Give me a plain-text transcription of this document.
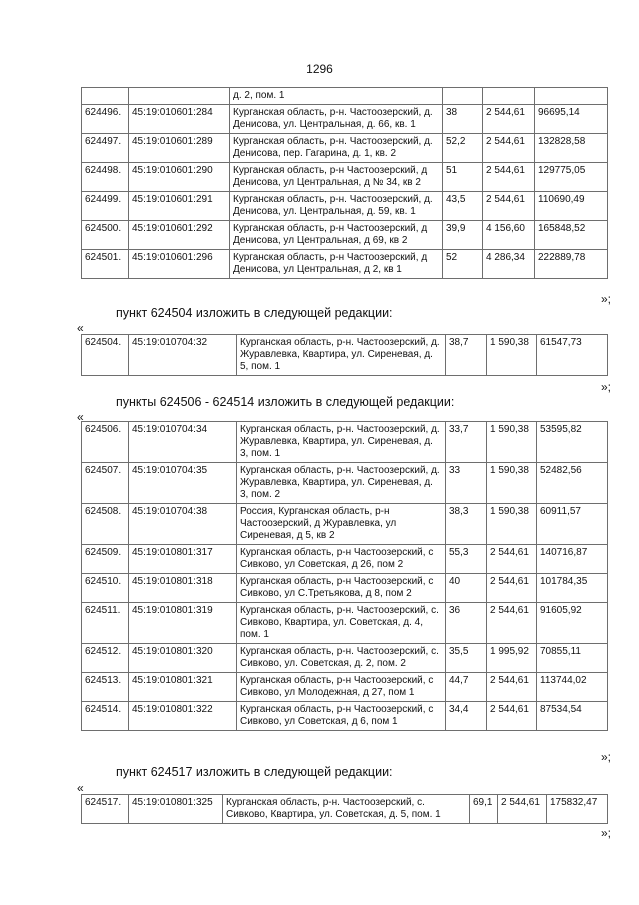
1296
		д. 2, пом. 1			
624496.	45:19:010601:284	Курганская область, р-н. Частоозерский, д. Денисова, ул. Центральная, д. 66, кв. 1	38	2 544,61	96695,14
624497.	45:19:010601:289	Курганская область, р-н. Частоозерский, д. Денисова, пер. Гагарина, д. 1, кв. 2	52,2	2 544,61	132828,58
624498.	45:19:010601:290	Курганская область, р-н Частоозерский, д Денисова, ул Центральная, д № 34, кв 2	51	2 544,61	129775,05
624499.	45:19:010601:291	Курганская область, р-н. Частоозерский, д. Денисова, ул. Центральная, д. 59, кв. 1	43,5	2 544,61	110690,49
624500.	45:19:010601:292	Курганская область, р-н Частоозерский, д Денисова, ул Центральная, д 69, кв 2	39,9	4 156,60	165848,52
624501.	45:19:010601:296	Курганская область, р-н Частоозерский, д Денисова, ул Центральная, д 2, кв 1	52	4 286,34	222889,78
»;
пункт 624504 изложить в следующей редакции:
«
624504.	45:19:010704:32	Курганская область, р-н. Частоозерский, д. Журавлевка, Квартира, ул. Сиреневая, д. 5, пом. 1	38,7	1 590,38	61547,73
»;
пункты 624506 - 624514 изложить в следующей редакции:
«
624506.	45:19:010704:34	Курганская область, р-н. Частоозерский, д. Журавлевка, Квартира, ул. Сиреневая, д. 3, пом. 1	33,7	1 590,38	53595,82
624507.	45:19:010704:35	Курганская область, р-н. Частоозерский, д. Журавлевка, Квартира, ул. Сиреневая, д. 3, пом. 2	33	1 590,38	52482,56
624508.	45:19:010704:38	Россия, Курганская область, р-н Частоозерский, д Журавлевка, ул Сиреневая, д 5, кв 2	38,3	1 590,38	60911,57
624509.	45:19:010801:317	Курганская область, р-н Частоозерский, с Сивково, ул Советская, д 26, пом 2	55,3	2 544,61	140716,87
624510.	45:19:010801:318	Курганская область, р-н Частоозерский, с Сивково, ул С.Третьякова, д 8, пом 2	40	2 544,61	101784,35
624511.	45:19:010801:319	Курганская область, р-н. Частоозерский, с. Сивково, Квартира, ул. Советская, д. 4, пом. 1	36	2 544,61	91605,92
624512.	45:19:010801:320	Курганская область, р-н. Частоозерский, с. Сивково, ул. Советская, д. 2, пом. 2	35,5	1 995,92	70855,11
624513.	45:19:010801:321	Курганская область, р-н Частоозерский, с Сивково, ул Молодежная, д 27, пом 1	44,7	2 544,61	113744,02
624514.	45:19:010801:322	Курганская область, р-н Частоозерский, с Сивково, ул Советская, д 6, пом 1	34,4	2 544,61	87534,54
»;
пункт 624517 изложить в следующей редакции:
«
624517.	45:19:010801:325	Курганская область, р-н. Частоозерский, с. Сивково, Квартира, ул. Советская, д. 5, пом. 1	69,1	2 544,61	175832,47
»;
